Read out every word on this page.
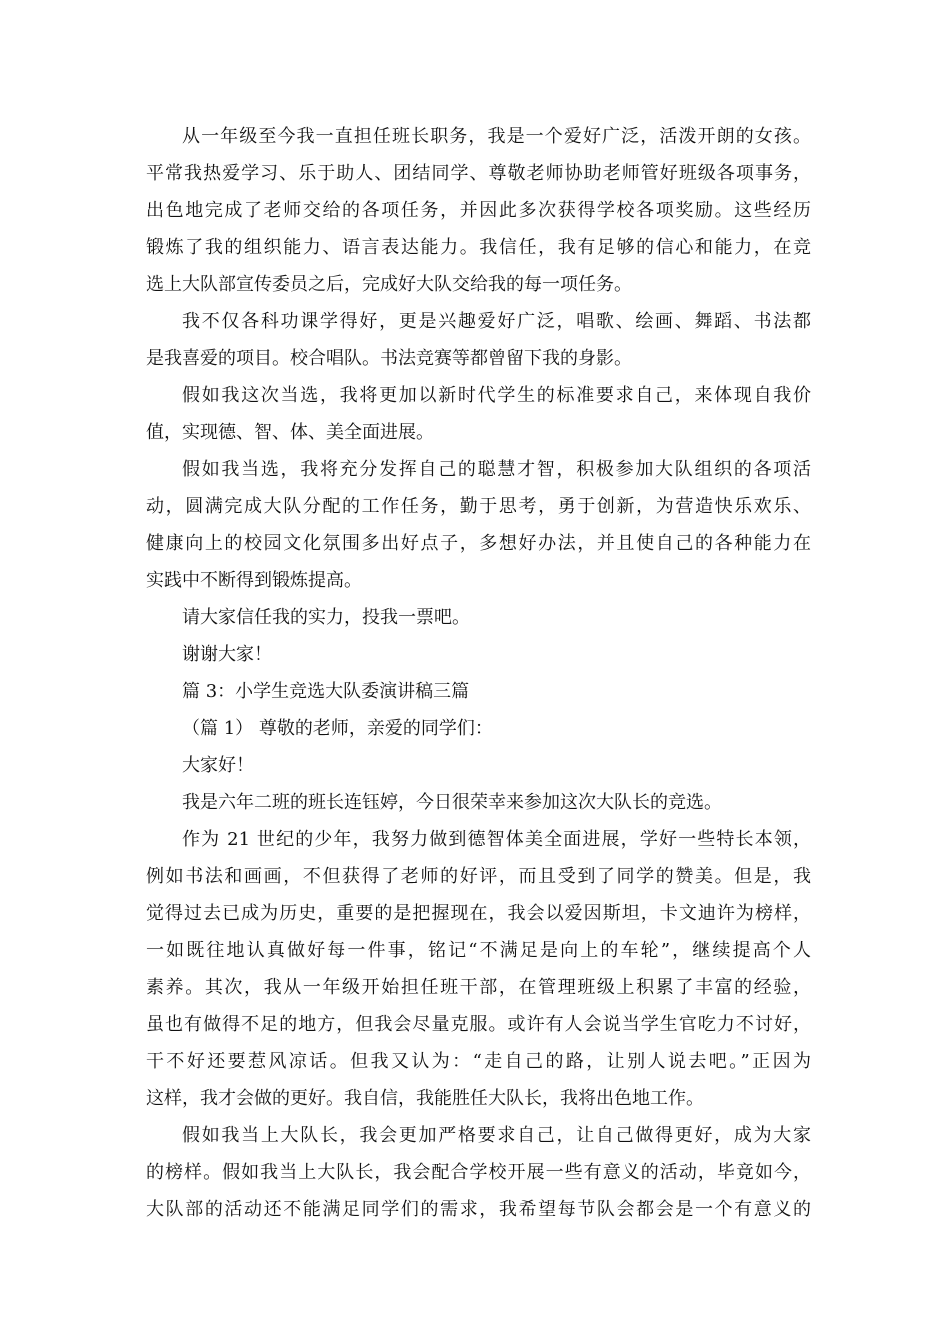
从一年级至今我一直担任班长职务，我是一个爱好广泛，活泼开朗的女孩。
平常我热爱学习、乐于助人、团结同学、尊敬老师协助老师管好班级各项事务，
出色地完成了老师交给的各项任务，并因此多次获得学校各项奖励。这些经历
锻炼了我的组织能力、语言表达能力。我信任，我有足够的信心和能力，在竞
选上大队部宣传委员之后，完成好大队交给我的每一项任务。
我不仅各科功课学得好，更是兴趣爱好广泛，唱歌、绘画、舞蹈、书法都
是我喜爱的项目。校合唱队。书法竞赛等都曾留下我的身影。
假如我这次当选，我将更加以新时代学生的标准要求自己，来体现自我价
值，实现德、智、体、美全面进展。
假如我当选，我将充分发挥自己的聪慧才智，积极参加大队组织的各项活
动，圆满完成大队分配的工作任务，勤于思考，勇于创新，为营造快乐欢乐、
健康向上的校园文化氛围多出好点子，多想好办法，并且使自己的各种能力在
实践中不断得到锻炼提高。
请大家信任我的实力，投我一票吧。
谢谢大家！
篇 3：小学生竞选大队委演讲稿三篇
（篇 1） 尊敬的老师，亲爱的同学们：
大家好！
我是六年二班的班长连钰婷，今日很荣幸来参加这次大队长的竞选。
作为 21 世纪的少年，我努力做到德智体美全面进展，学好一些特长本领，
例如书法和画画，不但获得了老师的好评，而且受到了同学的赞美。但是，我
觉得过去已成为历史，重要的是把握现在，我会以爱因斯坦，卡文迪许为榜样，
一如既往地认真做好每一件事，铭记“不满足是向上的车轮”，继续提高个人
素养。其次，我从一年级开始担任班干部，在管理班级上积累了丰富的经验，
虽也有做得不足的地方，但我会尽量克服。或许有人会说当学生官吃力不讨好，
干不好还要惹风凉话。但我又认为：“走自己的路，让别人说去吧。”正因为
这样，我才会做的更好。我自信，我能胜任大队长，我将出色地工作。
假如我当上大队长，我会更加严格要求自己，让自己做得更好，成为大家
的榜样。假如我当上大队长，我会配合学校开展一些有意义的活动，毕竟如今，
大队部的活动还不能满足同学们的需求，我希望每节队会都会是一个有意义的
